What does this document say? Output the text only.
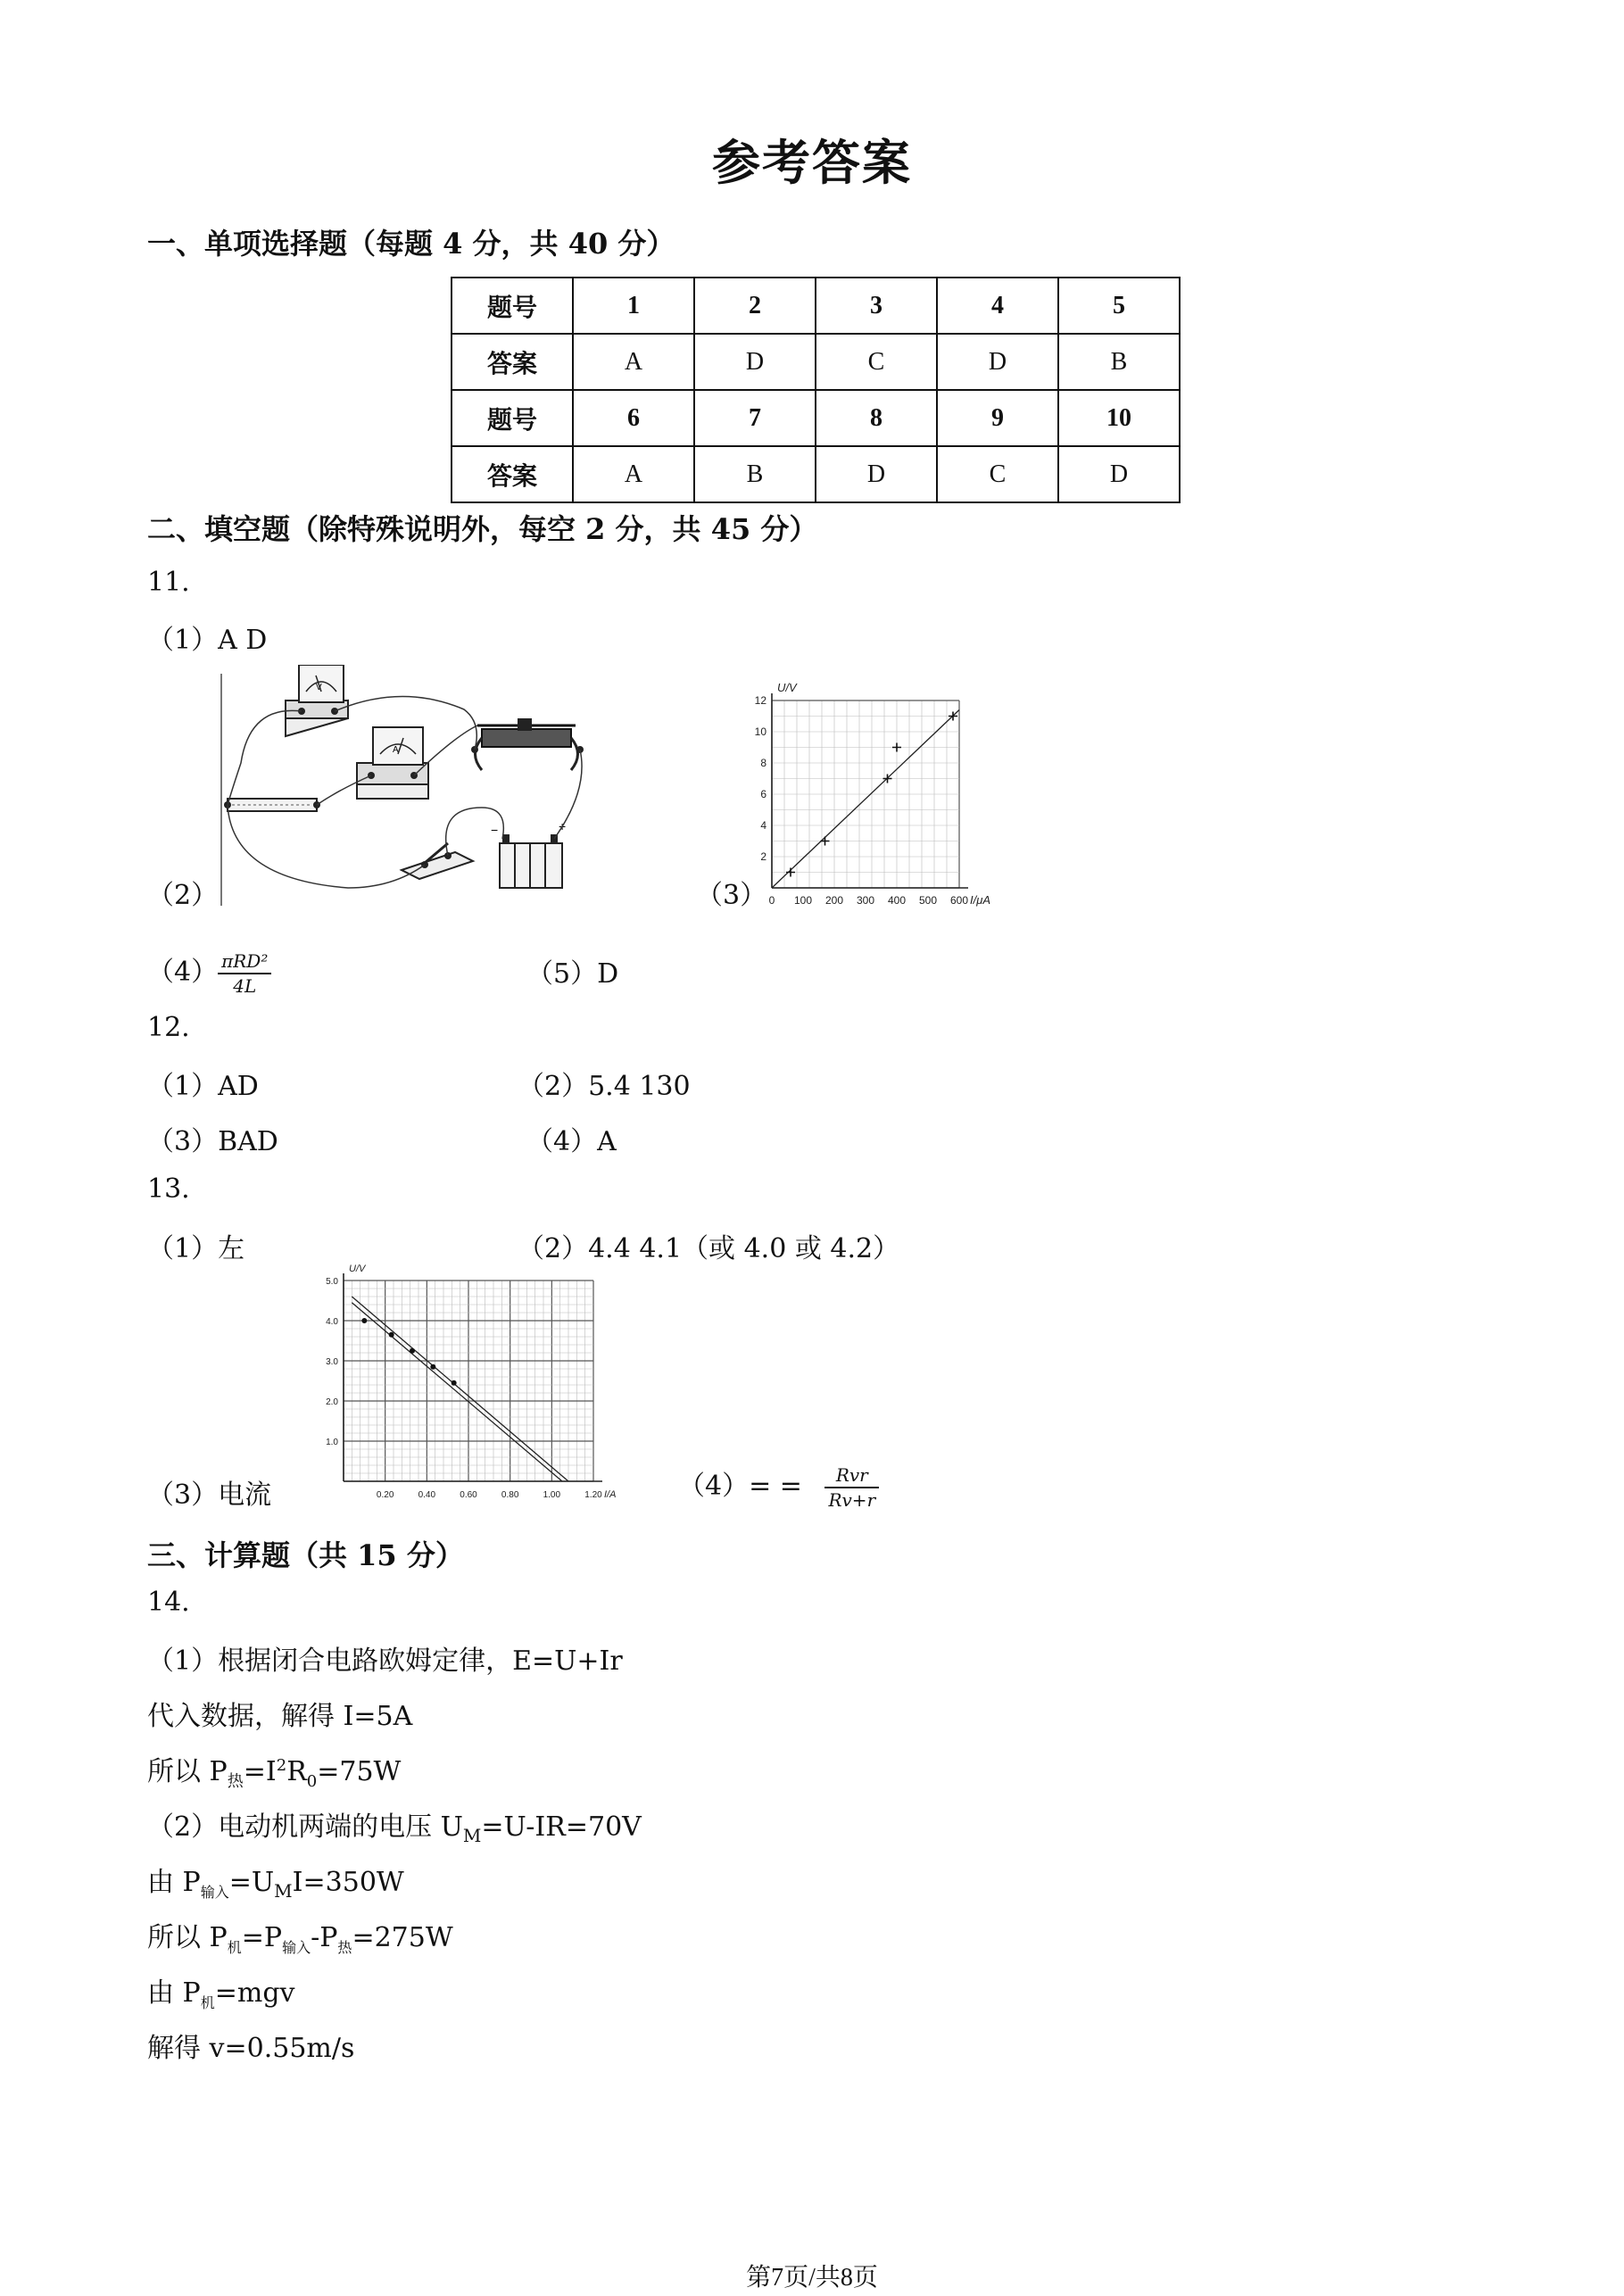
参考答案
一、单项选择题（每题 4 分，共 40 分）
题号	1	2	3	4	5
答案	A	D	C	D	B
题号	6	7	8	9	10
答案	A	B	D	C	D
二、填空题（除特殊说明外，每空 2 分，共 45 分）
11.
（1）A D
（2）
V
A
−	+
（3） 0 100 200 300 400 500 600
2
4
6
8
10
12
U/V
I/μA
$(4) \frac{\text{πRD²}}{4L}$	（5）D
12.
（1）AD	（2）5.4 130
（3）BAD	（4）A
13.
（1）左	（2）4.4 4.1（或 4.0 或 4.2）
（3）电流	0.20	0.40	0.60	0.80	1.00	1.20
1.0
2.0
3.0
4.0
5.0
U/V
I/A $(4)= = \frac{\text{Rvr}}{Rv+r}$
三、计算题（共 15 分）
14.
（1）根据闭合电路欧姆定律，E=U+Ir
代入数据，解得 I=5A
所以 $P_热=I^2R_0=75W$
（2）电动机两端的电压 $U_M=U-IR=70V$
由 $P_{输入}=U_MI=350W$
所以 $P_机=P_{输入}-P_热=275W$
由 $P_机=mgv$
解得 v=0.55m/s
第7页/共8页
